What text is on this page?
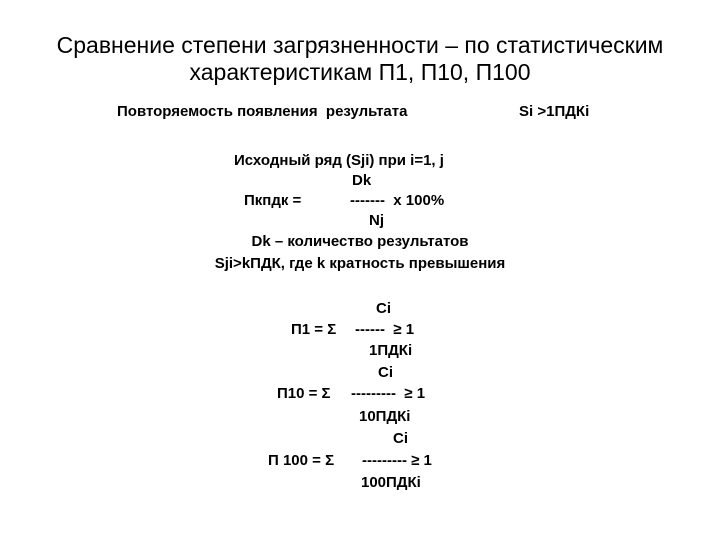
Сравнение степени загрязненности – по статистическим
характеристикам П1, П10, П100
Повторяемость появления  результата	Si >1ПДКi
Исходный ряд (Sji) при i=1, j
Dk
Пкпдк =	-------  x 100%
Nj
Dk – количество результатов
Sji>kПДК, где k кратность превышения
Ci
П1 = Σ ------  ≥ 1
1ПДКi
Ci
П10 = Σ ---------  ≥ 1
10ПДКi
Ci
П 100 = Σ --------- ≥ 1
100ПДКi
